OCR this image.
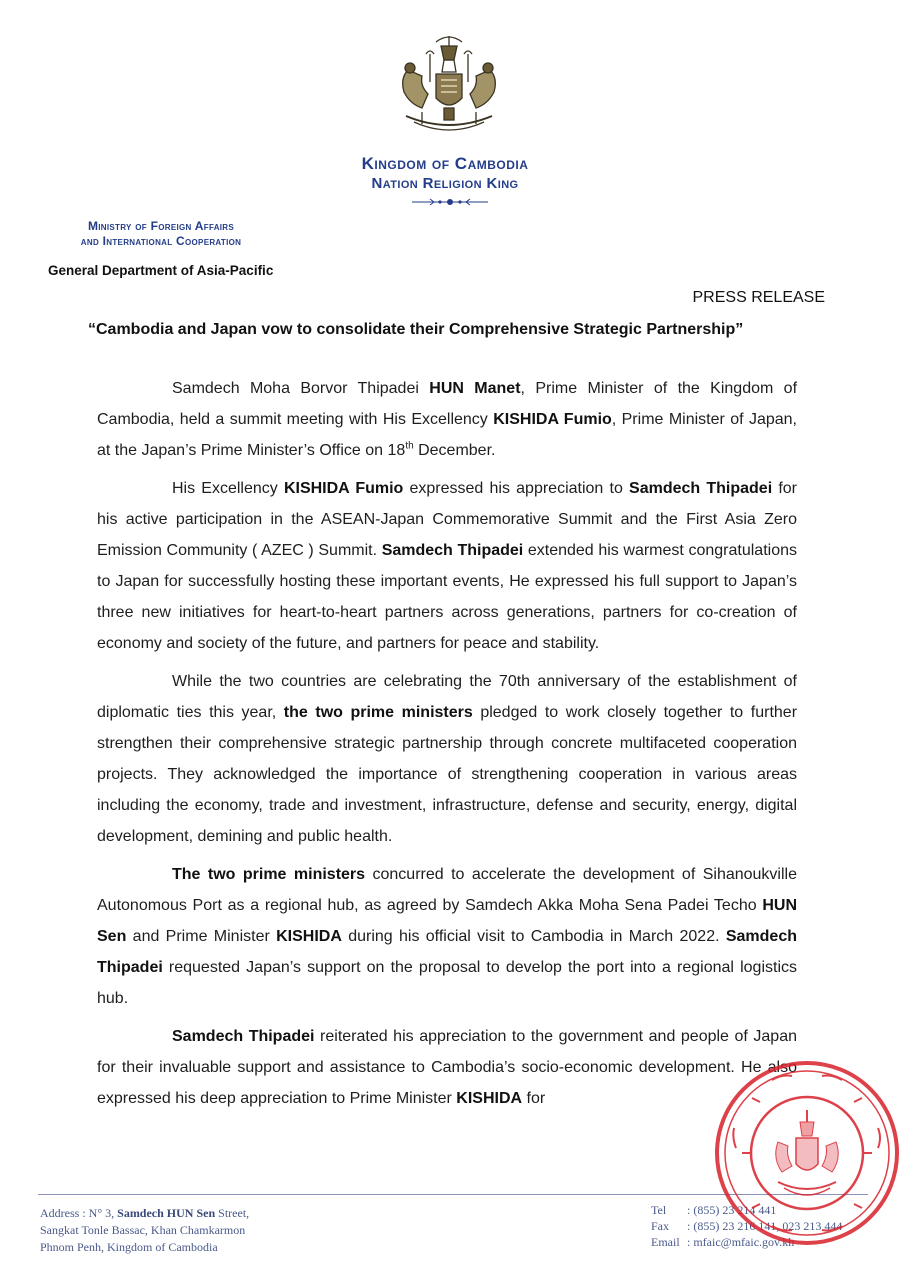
Kingdom of Cambodia
Nation Religion King
Ministry of Foreign Affairs
and International Cooperation
General Department of Asia-Pacific
PRESS RELEASE
“Cambodia and Japan vow to consolidate their Comprehensive Strategic Partnership”

Samdech Moha Borvor Thipadei HUN Manet, Prime Minister of the Kingdom of Cambodia, held a summit meeting with His Excellency KISHIDA Fumio, Prime Minister of Japan, at the Japan’s Prime Minister’s Office on 18th December.

His Excellency KISHIDA Fumio expressed his appreciation to Samdech Thipadei for his active participation in the ASEAN-Japan Commemorative Summit and the First Asia Zero Emission Community ( AZEC ) Summit. Samdech Thipadei extended his warmest congratulations to Japan for successfully hosting these important events, He expressed his full support to Japan’s three new initiatives for heart-to-heart partners across generations, partners for co-creation of economy and society of the future, and partners for peace and stability.

While the two countries are celebrating the 70th anniversary of the establishment of diplomatic ties this year, the two prime ministers pledged to work closely together to further strengthen their comprehensive strategic partnership through concrete multifaceted cooperation projects. They acknowledged the importance of strengthening cooperation in various areas including the economy, trade and investment, infrastructure, defense and security, energy, digital development, demining and public health.

The two prime ministers concurred to accelerate the development of Sihanoukville Autonomous Port as a regional hub, as agreed by Samdech Akka Moha Sena Padei Techo HUN Sen and Prime Minister KISHIDA during his official visit to Cambodia in March 2022. Samdech Thipadei requested Japan’s support on the proposal to develop the port into a regional logistics hub.

Samdech Thipadei reiterated his appreciation to the government and people of Japan for their invaluable support and assistance to Cambodia’s socio-economic development. He also expressed his deep appreciation to Prime Minister KISHIDA for

Address : N° 3, Samdech HUN Sen Street,
Sangkat Tonle Bassac, Khan Chamkarmon
Phnom Penh, Kingdom of Cambodia
Tel	: (855) 23 214 441
Fax	: (855) 23 216 141, 023 213 444
Email : mfaic@mfaic.gov.kh
